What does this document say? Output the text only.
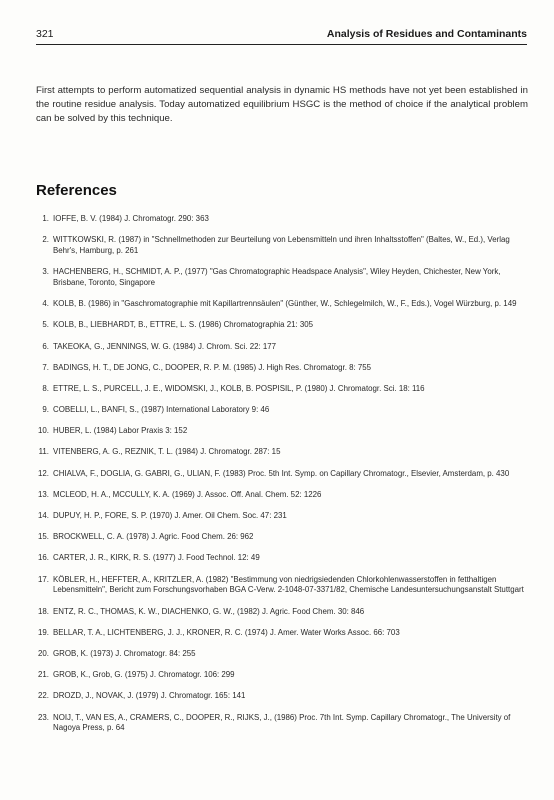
321	Analysis of Residues and Contaminants

First attempts to perform automatized sequential analysis in dynamic HS methods have not yet been established in the routine residue analysis. Today automatized equilibrium HSGC is the method of choice if the analytical problem can be solved by this technique.

References
1. IOFFE, B. V. (1984) J. Chromatogr. 290: 363
2. WITTKOWSKI, R. (1987) in "Schnellmethoden zur Beurteilung von Lebensmitteln und ihren Inhaltsstoffen" (Baltes, W., Ed.), Verlag Behr's, Hamburg, p. 261
3. HACHENBERG, H., SCHMIDT, A. P., (1977) "Gas Chromatographic Headspace Analysis", Wiley Heyden, Chichester, New York, Brisbane, Toronto, Singapore
4. KOLB, B. (1986) in "Gaschromatographie mit Kapillartrennsäulen" (Günther, W., Schlegelmilch, W., F., Eds.), Vogel Würzburg, p. 149
5. KOLB, B., LIEBHARDT, B., ETTRE, L. S. (1986) Chromatographia 21: 305
6. TAKEOKA, G., JENNINGS, W. G. (1984) J. Chrom. Sci. 22: 177
7. BADINGS, H. T., DE JONG, C., DOOPER, R. P. M. (1985) J. High Res. Chromatogr. 8: 755
8. ETTRE, L. S., PURCELL, J. E., WIDOMSKI, J., KOLB, B. POSPISIL, P. (1980) J. Chromatogr. Sci. 18: 116
9. COBELLI, L., BANFI, S., (1987) International Laboratory 9: 46
10. HUBER, L. (1984) Labor Praxis 3: 152
11. VITENBERG, A. G., REZNIK, T. L. (1984) J. Chromatogr. 287: 15
12. CHIALVA, F., DOGLIA, G. GABRI, G., ULIAN, F. (1983) Proc. 5th Int. Symp. on Capillary Chromatogr., Elsevier, Amsterdam, p. 430
13. MCLEOD, H. A., MCCULLY, K. A. (1969) J. Assoc. Off. Anal. Chem. 52: 1226
14. DUPUY, H. P., FORE, S. P. (1970) J. Amer. Oil Chem. Soc. 47: 231
15. BROCKWELL, C. A. (1978) J. Agric. Food Chem. 26: 962
16. CARTER, J. R., KIRK, R. S. (1977) J. Food Technol. 12: 49
17. KÖBLER, H., HEFFTER, A., KRITZLER, A. (1982) "Bestimmung von niedrigsiedenden Chlorkohlenwasserstoffen in fetthaltigen Lebensmitteln", Bericht zum Forschungsvorhaben BGA C-Verw. 2-1048-07-3371/82, Chemische Landesuntersuchungsanstalt Stuttgart
18. ENTZ, R. C., THOMAS, K. W., DIACHENKO, G. W., (1982) J. Agric. Food Chem. 30: 846
19. BELLAR, T. A., LICHTENBERG, J. J., KRONER, R. C. (1974) J. Amer. Water Works Assoc. 66: 703
20. GROB, K. (1973) J. Chromatogr. 84: 255
21. GROB, K., Grob, G. (1975) J. Chromatogr. 106: 299
22. DROZD, J., NOVAK, J. (1979) J. Chromatogr. 165: 141
23. NOIJ, T., VAN ES, A., CRAMERS, C., DOOPER, R., RIJKS, J., (1986) Proc. 7th Int. Symp. Capillary Chromatogr., The University of Nagoya Press, p. 64
